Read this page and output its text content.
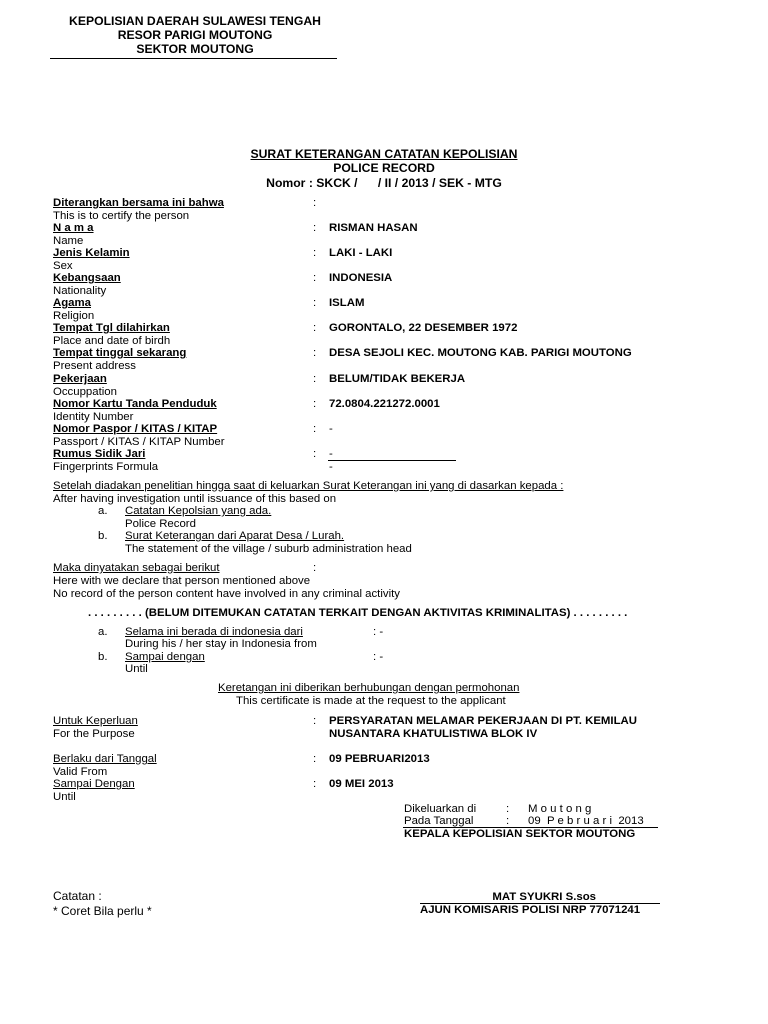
KEPOLISIAN DAERAH SULAWESI TENGAH
RESOR PARIGI MOUTONG
SEKTOR MOUTONG
SURAT KETERANGAN CATATAN KEPOLISIAN
POLICE RECORD
Nomor : SKCK /      / II / 2013 / SEK - MTG
Diterangkan bersama ini bahwa	:
This is to certify the person
N a m a	: RISMAN HASAN
Name
Jenis Kelamin	: LAKI - LAKI
Sex
Kebangsaan	: INDONESIA
Nationality
Agama	: ISLAM
Religion
Tempat Tgl dilahirkan	: GORONTALO, 22 DESEMBER 1972
Place and date of birdh
Tempat tinggal sekarang	: DESA SEJOLI KEC. MOUTONG KAB. PARIGI MOUTONG
Present address
Pekerjaan	: BELUM/TIDAK BEKERJA
Occuppation
Nomor Kartu Tanda Penduduk	: 72.0804.221272.0001
Identity Number
Nomor Paspor / KITAS / KITAP	: -
Passport / KITAS / KITAP Number
Rumus Sidik Jari	: -
Fingerprints Formula	-
Setelah diadakan penelitian hingga saat di keluarkan Surat Keterangan ini yang di dasarkan kepada :
After having investigation until issuance of this based on
a. Catatan Kepolsian yang ada.
Police Record
b. Surat Keterangan dari Aparat Desa / Lurah.
The statement of the village / suburb administration head
Maka dinyatakan sebagai berikut	:
Here with we declare that person mentioned above
No record of the person content have involved in any criminal activity
. . . . . . . . . (BELUM DITEMUKAN CATATAN TERKAIT DENGAN AKTIVITAS KRIMINALITAS) . . . . . . . . .
a. Selama ini berada di indonesia dari	: -
During his / her stay in Indonesia from
b. Sampai dengan	: -
Until
Keretangan ini diberikan berhubungan dengan permohonan
This certificate is made at the request to the applicant
Untuk Keperluan	: PERSYARATAN MELAMAR PEKERJAAN DI PT. KEMILAU
For the Purpose	NUSANTARA KHATULISTIWA BLOK IV
Berlaku dari Tanggal	: 09 PEBRUARI2013
Valid From
Sampai Dengan	: 09 MEI 2013
Until
Dikeluarkan di	: M o u t o n g
Pada Tanggal	: 09  P e b r u a r i  2013
KEPALA KEPOLISIAN SEKTOR MOUTONG
Catatan :
* Coret Bila perlu *
MAT SYUKRI S.sos
AJUN KOMISARIS POLISI NRP 77071241
